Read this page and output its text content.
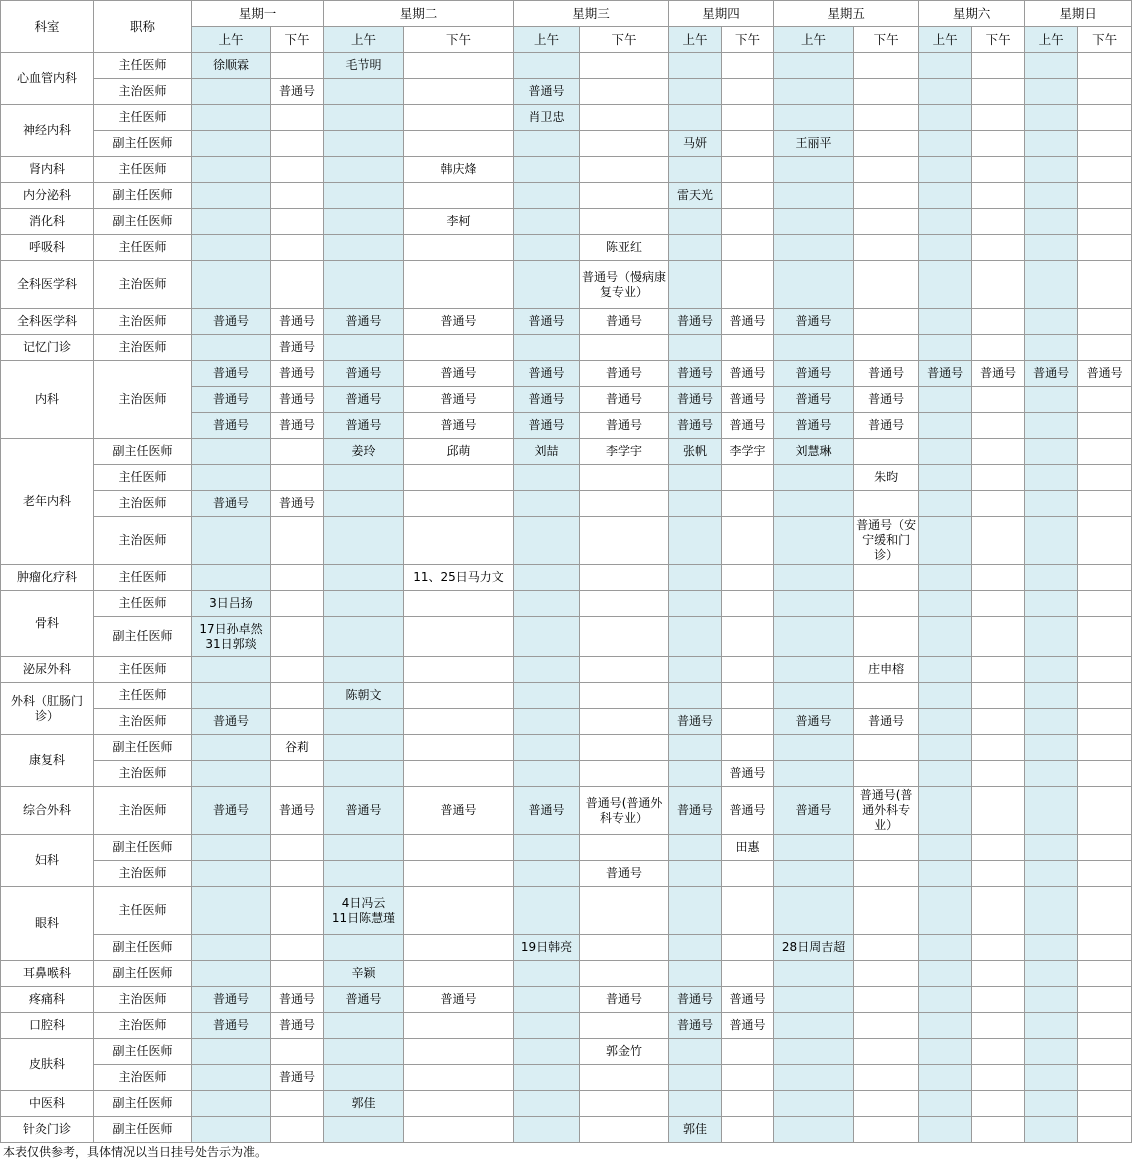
科室	职称	星期一		星期二		星期三		星期四		星期五		星期六		星期日	
		上午	下午	上午	下午	上午	下午	上午	下午	上午	下午	上午	下午	上午	下午
心血管内科	主任医师	徐顺霖		毛节明											
	主治医师		普通号			普通号									
神经内科	主任医师					肖卫忠									
	副主任医师							马妍		王丽平					
肾内科	主任医师				韩庆烽										
内分泌科	副主任医师							雷天光							
消化科	副主任医师				李柯										
呼吸科	主任医师						陈亚红								
全科医学科	主治医师						普通号（慢病康复专业）								
全科医学科	主治医师	普通号	普通号	普通号	普通号	普通号	普通号	普通号	普通号	普通号					
记忆门诊	主治医师		普通号												
内科	主治医师	普通号	普通号	普通号	普通号	普通号	普通号	普通号	普通号	普通号	普通号	普通号	普通号	普通号	普通号
		普通号	普通号	普通号	普通号	普通号	普通号	普通号	普通号	普通号	普通号				
		普通号	普通号	普通号	普通号	普通号	普通号	普通号	普通号	普通号	普通号				
老年内科	副主任医师			姜玲	邱萌	刘喆	李学宇	张帆	李学宇	刘慧琳					
	主任医师										朱昀				
	主治医师	普通号	普通号												
	主治医师										普通号（安宁缓和门诊）				
肿瘤化疗科	主任医师				11、25日马力文										
骨科	主任医师	3日吕扬													
	副主任医师	17日孙卓然
31日郭琰													
泌尿外科	主任医师										庄申榕				
外科（肛肠门诊）	主任医师			陈朝文											
	主治医师	普通号						普通号		普通号	普通号				
康复科	副主任医师		谷莉												
	主治医师								普通号						
综合外科	主治医师	普通号	普通号	普通号	普通号	普通号	普通号(普通外科专业）	普通号	普通号	普通号	普通号(普通外科专业）				
妇科	副主任医师								田惠						
	主治医师						普通号								
眼科	主任医师			4日冯云
11日陈慧瑾											
	副主任医师					19日韩亮				28日周吉超					
耳鼻喉科	副主任医师			辛颖											
疼痛科	主治医师	普通号	普通号	普通号	普通号		普通号	普通号	普通号						
口腔科	主治医师	普通号	普通号					普通号	普通号						
皮肤科	副主任医师						郭金竹								
	主治医师		普通号												
中医科	副主任医师			郭佳											
针灸门诊	副主任医师							郭佳							
本表仅供参考，具体情况以当日挂号处告示为准。
